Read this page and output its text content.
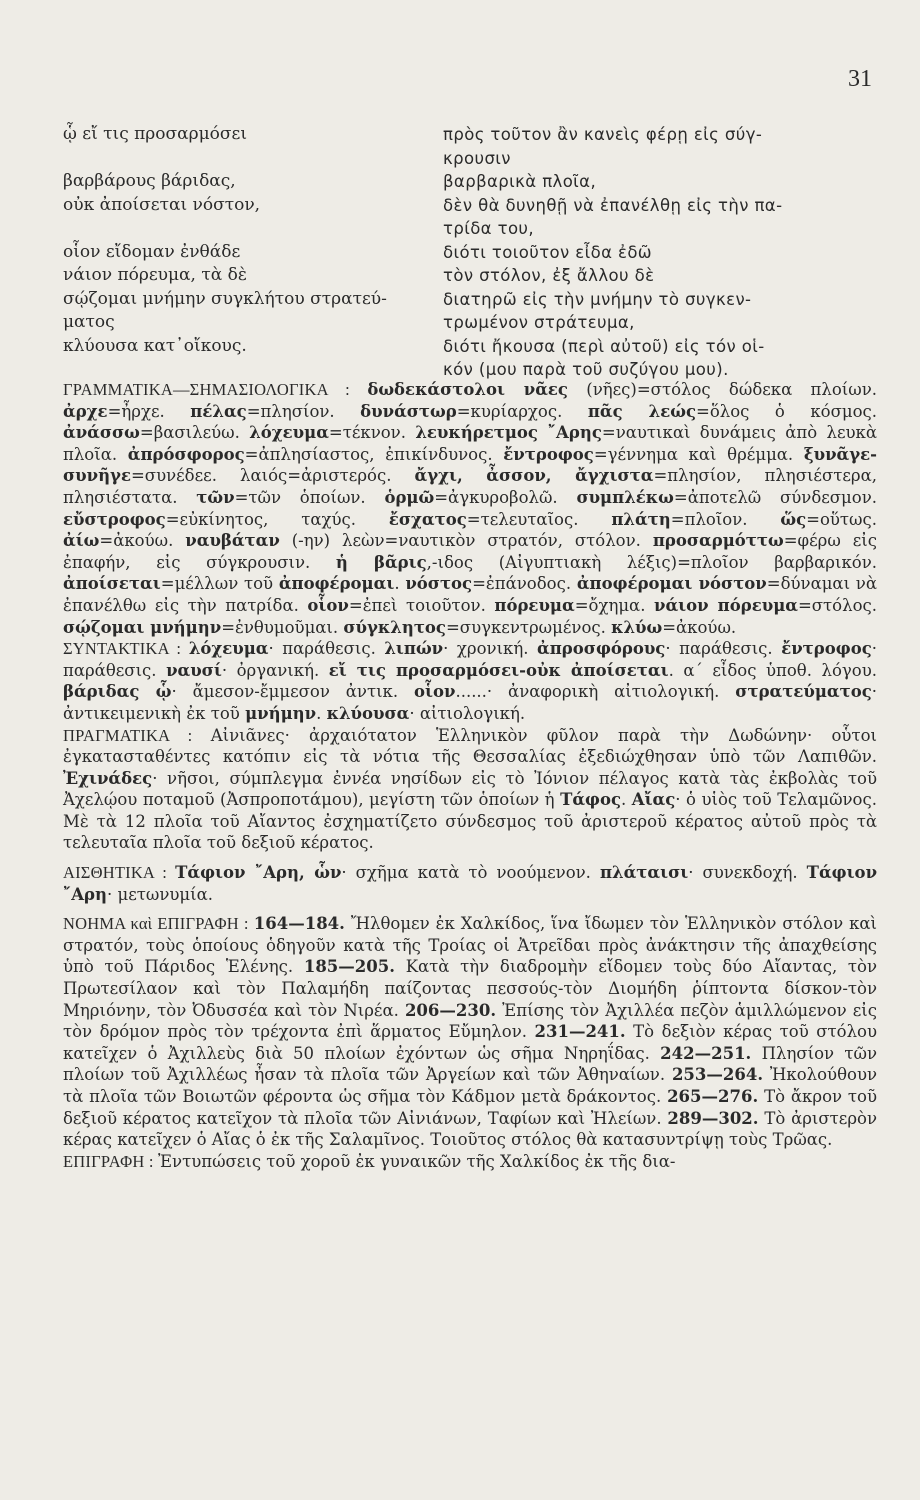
31
ᾧ εἴ τις προσαρμόσει	πρὸς τοῦτον ἂν κανεὶς φέρῃ εἰς σύγ-
κρουσιν
βαρβάρους βάριδας,	βαρβαρικὰ πλοῖα,
οὐκ ἀποίσεται νόστον,	δὲν θὰ δυνηθῇ νὰ ἐπανέλθῃ εἰς τὴν πα-
τρίδα του,
οἷον εἴδομαν ἐνθάδε	διότι τοιοῦτον εἶδα ἐδῶ
νάιον πόρευμα, τὰ δὲ	τὸν στόλον, ἐξ ἄλλου δὲ
σῴζομαι μνήμην συγκλήτου στρατεύ-	διατηρῶ εἰς τὴν μνήμην τὸ συγκεν-
ματος	τρωμένον στράτευμα,
κλύουσα κατ᾽οἴκους.	διότι ἤκουσα (περὶ αὐτοῦ) εἰς τόν οἱ-
κόν (μου παρὰ τοῦ συζύγου μου).

ΓΡΑΜΜΑΤΙΚΑ—ΣΗΜΑΣΙΟΛΟΓΙΚΑ : δωδεκάστολοι νᾶες (νῆες)=στόλος δώδεκα πλοίων. ἀρχε=ἦρχε. πέλας=πλησίον. δυνάστωρ=κυρίαρχος. πᾶς λεώς=ὅλος ὁ κόσμος. ἀνάσσω=βασιλεύω. λόχευμα=τέκνον. λευκήρετμος ῎Αρης=ναυτικαὶ δυνάμεις ἀπὸ λευκὰ πλοῖα. ἀπρόσφορος=ἀπλησίαστος, ἐπικίνδυνος. ἔντροφος=γέννημα καὶ θρέμμα. ξυνᾶγε-συνῆγε=συνέδεε. λαιός=ἀριστερός. ἄγχι, ἆσσον, ἄγχιστα=πλησίον, πλησιέστερα, πλησιέστατα. τῶν=τῶν ὁποίων. ὁρμῶ=ἀγκυροβολῶ. συμπλέκω=ἀποτελῶ σύνδεσμον. εὔστροφος=εὐκίνητος, ταχύς. ἔσχατος=τελευταῖος. πλάτη=πλοῖον. ὥς=οὕτως. ἀίω=ἀκούω. ναυβάταν (-ην) λεὼν=ναυτικὸν στρατόν, στόλον. προσαρμόττω=φέρω εἰς ἐπαφήν, εἰς σύγκρουσιν. ἡ βᾶρις,-ιδος (Αἰγυπτιακὴ λέξις)=πλοῖον βαρβαρικόν. ἀποίσεται=μέλλων τοῦ ἀποφέρομαι. νόστος=ἐπάνοδος. ἀποφέρομαι νόστον=δύναμαι νὰ ἐπανέλθω εἰς τὴν πατρίδα. οἷον=ἐπεὶ τοιοῦτον. πόρευμα=ὄχημα. νάιον πόρευμα=στόλος. σῴζομαι μνήμην=ἐνθυμοῦμαι. σύγκλητος=συγκεντρωμένος. κλύω=ἀκούω.

ΣΥΝΤΑΚΤΙΚΑ : λόχευμα· παράθεσις. λιπών· χρονική. ἀπροσφόρους· παράθεσις. ἔντροφος· παράθεσις. ναυσί· ὀργανική. εἴ τις προσαρμόσει-οὐκ ἀποίσεται. α΄ εἶδος ὑποθ. λόγου. βάριδας ᾧ· ἄμεσον-ἔμμεσον ἀντικ. οἷον......· ἀναφορικὴ αἰτιολογική. στρατεύματος· ἀντικειμενικὴ ἐκ τοῦ μνήμην. κλύουσα· αἰτιολογική.

ΠΡΑΓΜΑΤΙΚΑ : Αἰνιᾶνες· ἀρχαιότατον Ἑλληνικὸν φῦλον παρὰ τὴν Δωδώνην· οὗτοι ἐγκατασταθέντες κατόπιν εἰς τὰ νότια τῆς Θεσσαλίας ἐξεδιώχθησαν ὑπὸ τῶν Λαπιθῶν. Ἐχινάδες· νῆσοι, σύμπλεγμα ἐννέα νησίδων εἰς τὸ Ἰόνιον πέλαγος κατὰ τὰς ἐκβολὰς τοῦ Ἀχελῴου ποταμοῦ (Ἀσπροποτάμου), μεγίστη τῶν ὁποίων ἡ Τάφος. Αἴας· ὁ υἱὸς τοῦ Τελαμῶνος. Μὲ τὰ 12 πλοῖα τοῦ Αἴαντος ἐσχηματίζετο σύνδεσμος τοῦ ἀριστεροῦ κέρατος αὐτοῦ πρὸς τὰ τελευταῖα πλοῖα τοῦ δεξιοῦ κέρατος.

ΑΙΣΘΗΤΙΚΑ : Τάφιον ῎Αρη, ὧν· σχῆμα κατὰ τὸ νοούμενον. πλάταισι· συνεκδοχή. Τάφιον ῎Αρη· μετωνυμία.

ΝΟΗΜΑ καὶ ΕΠΙΓΡΑΦΗ : 164—184. Ἤλθομεν ἐκ Χαλκίδος, ἵνα ἴδωμεν τὸν Ἑλληνικὸν στόλον καὶ στρατόν, τοὺς ὁποίους ὁδηγοῦν κατὰ τῆς Τροίας οἱ Ἀτρεῖδαι πρὸς ἀνάκτησιν τῆς ἀπαχθείσης ὑπὸ τοῦ Πάριδος Ἑλένης. 185—205. Κατὰ τὴν διαδρομὴν εἴδομεν τοὺς δύο Αἴαντας, τὸν Πρωτεσίλαον καὶ τὸν Παλαμήδη παίζοντας πεσσούς-τὸν Διομήδη ῥίπτοντα δίσκον-τὸν Μηριόνην, τὸν Ὀδυσσέα καὶ τὸν Νιρέα. 206—230. Ἐπίσης τὸν Ἀχιλλέα πεζὸν ἁμιλλώμενον εἰς τὸν δρόμον πρὸς τὸν τρέχοντα ἐπὶ ἅρματος Εὔμηλον. 231—241. Τὸ δεξιὸν κέρας τοῦ στόλου κατεῖχεν ὁ Ἀχιλλεὺς διὰ 50 πλοίων ἐχόντων ὡς σῆμα Νηρηΐδας. 242—251. Πλησίον τῶν πλοίων τοῦ Ἀχιλλέως ἦσαν τὰ πλοῖα τῶν Ἀργείων καὶ τῶν Ἀθηναίων. 253—264. Ἠκολούθουν τὰ πλοῖα τῶν Βοιωτῶν φέροντα ὡς σῆμα τὸν Κάδμον μετὰ δράκοντος. 265—276. Τὸ ἄκρον τοῦ δεξιοῦ κέρατος κατεῖχον τὰ πλοῖα τῶν Αἰνιάνων, Ταφίων καὶ Ἠλείων. 289—302. Τὸ ἀριστερὸν κέρας κατεῖχεν ὁ Αἴας ὁ ἐκ τῆς Σαλαμῖνος. Τοιοῦτος στόλος θὰ κατασυντρίψῃ τοὺς Τρῶας.

ΕΠΙΓΡΑΦΗ : Ἐντυπώσεις τοῦ χοροῦ ἐκ γυναικῶν τῆς Χαλκίδος ἐκ τῆς δια-
